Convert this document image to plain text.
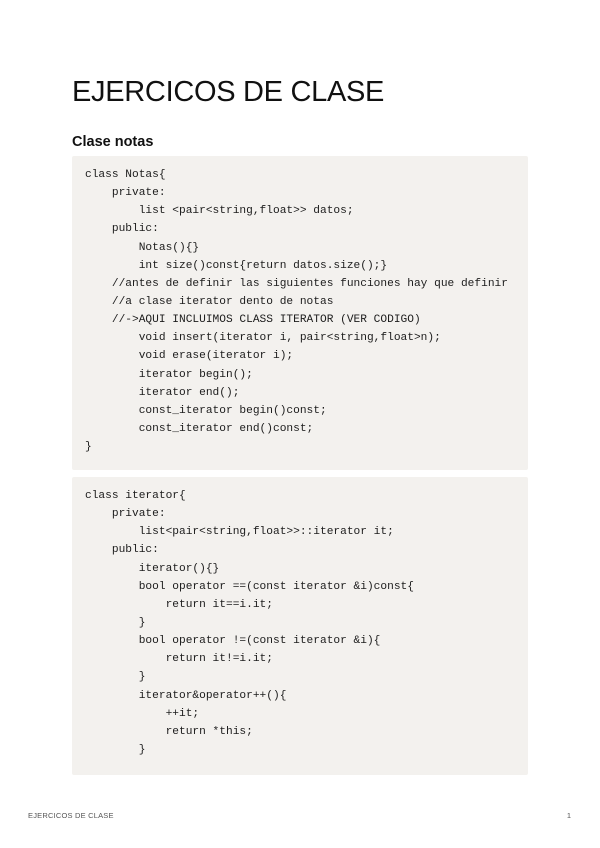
EJERCICOS DE CLASE
Clase notas
class Notas{
private:
list <pair<string,float>> datos;
public:
Notas(){}
int size()const{return datos.size();}
//antes de definir las siguientes funciones hay que definir
//a clase iterator dento de notas
//->AQUI INCLUIMOS CLASS ITERATOR (VER CODIGO)
void insert(iterator i, pair<string,float>n);
void erase(iterator i);
iterator begin();
iterator end();
const_iterator begin()const;
const_iterator end()const;
}
class iterator{
private:
list<pair<string,float>>::iterator it;
public:
iterator(){}
bool operator ==(const iterator &i)const{
return it==i.it;
}
bool operator !=(const iterator &i){
return it!=i.it;
}
iterator&operator++(){
++it;
return *this;
}
EJERCICOS DE CLASE	1
